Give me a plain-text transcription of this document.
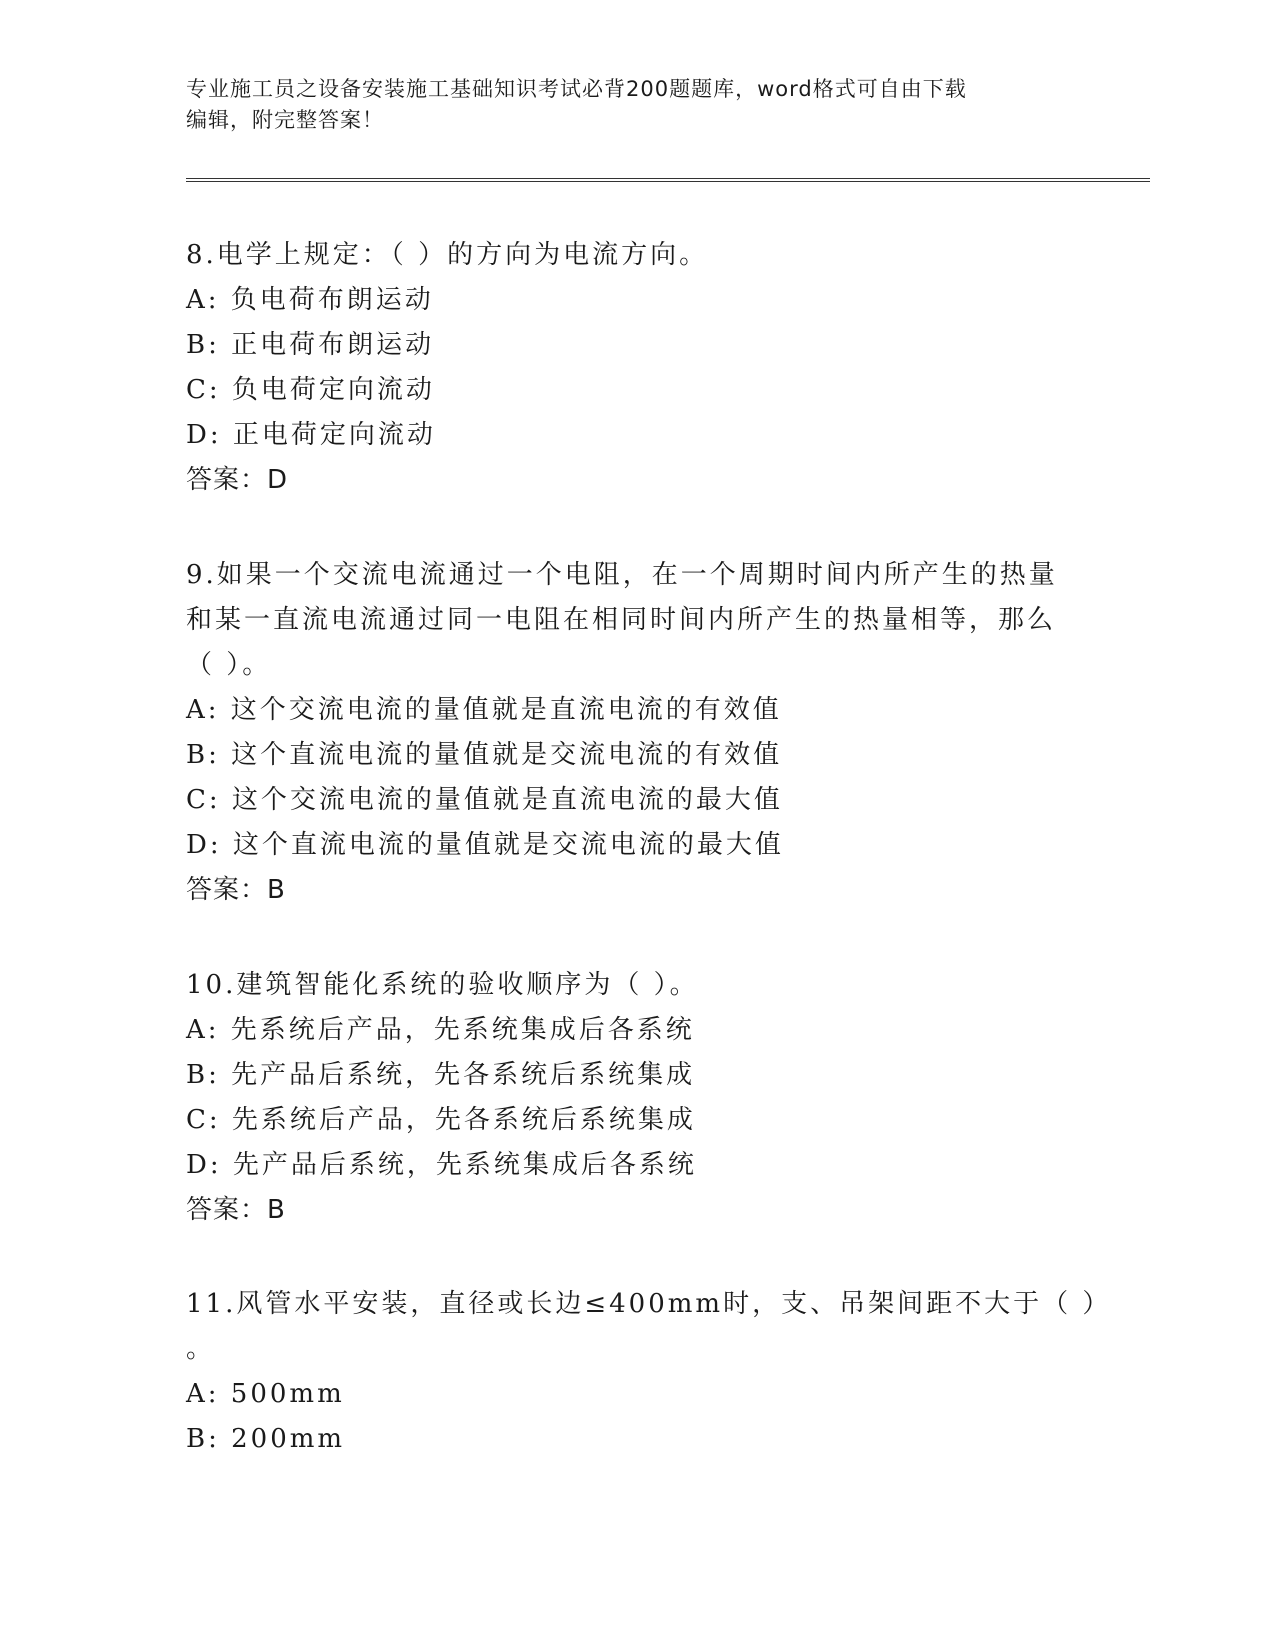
专业施工员之设备安装施工基础知识考试必背200题题库，word格式可自由下载
编辑，附完整答案！
8.电学上规定：（ ）的方向为电流方向。
A: 负电荷布朗运动
B: 正电荷布朗运动
C: 负电荷定向流动
D: 正电荷定向流动
答案：D
9.如果一个交流电流通过一个电阻，在一个周期时间内所产生的热量
和某一直流电流通过同一电阻在相同时间内所产生的热量相等，那么
（ ）。
A: 这个交流电流的量值就是直流电流的有效值
B: 这个直流电流的量值就是交流电流的有效值
C: 这个交流电流的量值就是直流电流的最大值
D: 这个直流电流的量值就是交流电流的最大值
答案：B
10.建筑智能化系统的验收顺序为（ ）。
A: 先系统后产品，先系统集成后各系统
B: 先产品后系统，先各系统后系统集成
C: 先系统后产品，先各系统后系统集成
D: 先产品后系统，先系统集成后各系统
答案：B
11.风管水平安装，直径或长边≤400mm时，支、吊架间距不大于（ ）
。
A: 500mm
B: 200mm
